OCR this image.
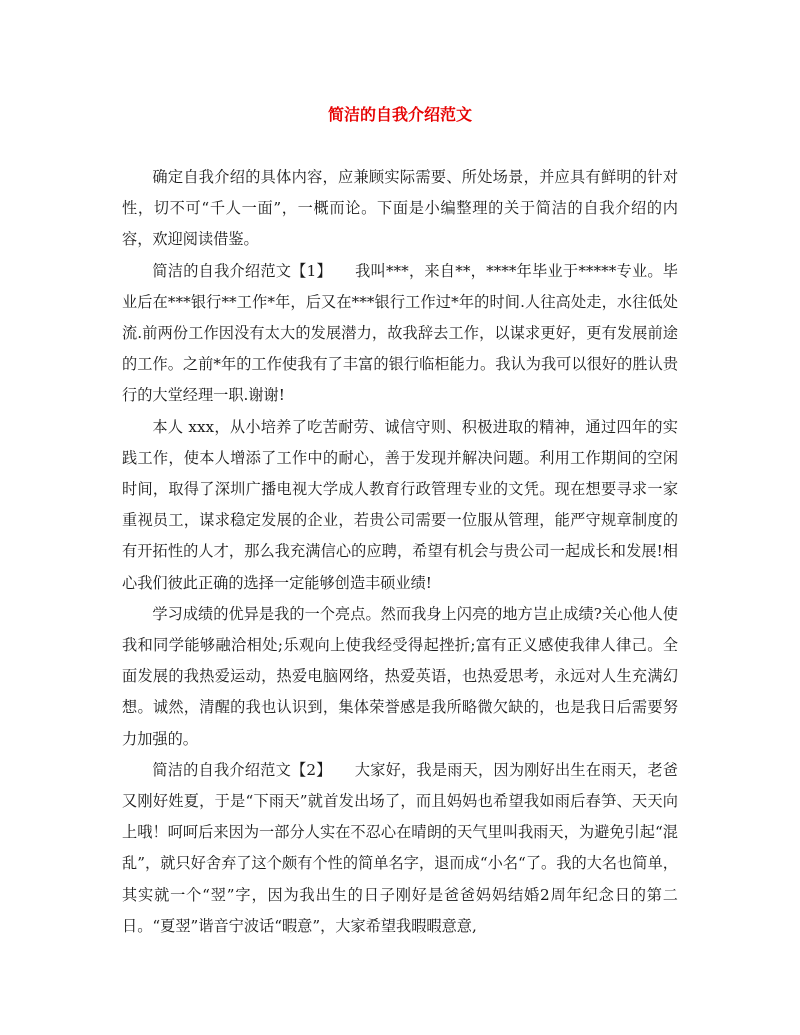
简洁的自我介绍范文

确定自我介绍的具体内容，应兼顾实际需要、所处场景，并应具有鲜明的针对性，切不可“千人一面”，一概而论。下面是小编整理的关于简洁的自我介绍的内容，欢迎阅读借鉴。

简洁的自我介绍范文【1】　　我叫***，来自**，****年毕业于*****专业。毕业后在***银行**工作*年，后又在***银行工作过*年的时间.人往高处走，水往低处流.前两份工作因没有太大的发展潜力，故我辞去工作，以谋求更好，更有发展前途的工作。之前*年的工作使我有了丰富的银行临柜能力。我认为我可以很好的胜认贵行的大堂经理一职.谢谢!

本人 xxx，从小培养了吃苦耐劳、诚信守则、积极进取的精神，通过四年的实践工作，使本人增添了工作中的耐心，善于发现并解决问题。利用工作期间的空闲时间，取得了深圳广播电视大学成人教育行政管理专业的文凭。现在想要寻求一家重视员工，谋求稳定发展的企业，若贵公司需要一位服从管理，能严守规章制度的有开拓性的人才，那么我充满信心的应聘，希望有机会与贵公司一起成长和发展!相心我们彼此正确的选择一定能够创造丰硕业绩!

学习成绩的优异是我的一个亮点。然而我身上闪亮的地方岂止成绩?关心他人使我和同学能够融洽相处;乐观向上使我经受得起挫折;富有正义感使我律人律己。全面发展的我热爱运动，热爱电脑网络，热爱英语，也热爱思考，永远对人生充满幻想。诚然，清醒的我也认识到，集体荣誉感是我所略微欠缺的，也是我日后需要努力加强的。

简洁的自我介绍范文【2】　　大家好，我是雨天，因为刚好出生在雨天，老爸又刚好姓夏，于是“下雨天”就首发出场了，而且妈妈也希望我如雨后春笋、天天向上哦！呵呵后来因为一部分人实在不忍心在晴朗的天气里叫我雨天，为避免引起“混乱”，就只好舍弃了这个颇有个性的简单名字，退而成“小名“了。我的大名也简单，其实就一个“翌”字，因为我出生的日子刚好是爸爸妈妈结婚2周年纪念日的第二日。“夏翌”谐音宁波话“暇意”，大家希望我暇暇意意,
